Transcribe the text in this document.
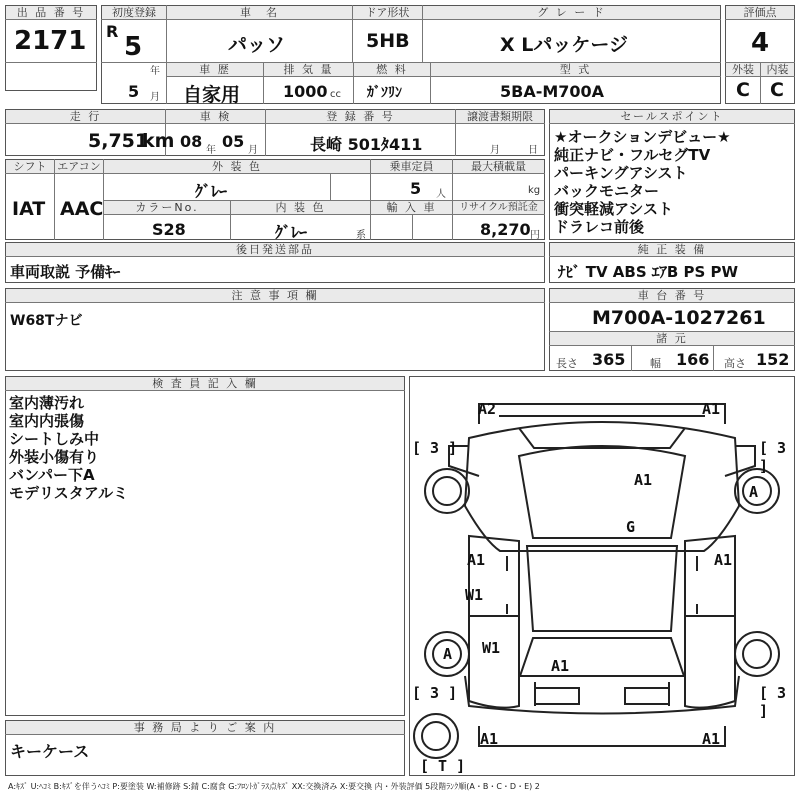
出 品 番 号
2171
初度登録
R
5
年
5 月
車　名
パッソ
ドア形状
5HB
グ レ ー ド
X Lパッケージ
車 歴
自家用
排 気 量
1000 cc
燃 料
ｶﾞｿﾘﾝ
型 式
5BA-M700A
評価点
4
外装	内装
C C
走 行
5,751
km
車 検
08 年 05 月
登 録 番 号
長崎 501ﾀ411
譲渡書類期限
月	日
シフト
IAT
エアコン
AAC
外 装 色
ｸﾞﾚｰ
乗車定員
5 人
最大積載量
kg
カラーNo.
S28
内 装 色
ｸﾞﾚｰ	系
輸 入 車	リサイクル預託金
8,270 円
セールスポイント
★オークションデビュー★
純正ナビ・フルセグTV
パーキングアシスト
バックモニター
衝突軽減アシスト
ドラレコ前後
後日発送部品
車両取説 予備ｷｰ
純 正 装 備
ﾅﾋﾞ TV ABS ｴｱB PS PW
注 意 事 項 欄
W68Tナビ
車 台 番 号
M700A-1027261
諸 元
長さ 365 幅 166 高さ 152
検 査 員 記 入 欄
室内薄汚れ
室内内張傷
シートしみ中
外装小傷有り
バンパー下A
モデリスタアルミ
事 務 局 よ り ご 案 内
キーケース
A2	A1
A1
A
G
A1	A1
W1
W1
A
A1
A1	A1
[ 3 ]	[ 3 ]
[ 3 ]	[ 3 ]
[ T ]
A:ｷｽﾞ U:ﾍｺﾐ B:ｷｽﾞを伴うﾍｺﾐ P:要塗装 W:補修跡 S:錆 C:腐食 G:ﾌﾛﾝﾄｶﾞﾗｽ点ｷｽﾞ XX:交換済み X:要交換 内・外装評価 5段階ﾗﾝｸ順(A・B・C・D・E) 2
